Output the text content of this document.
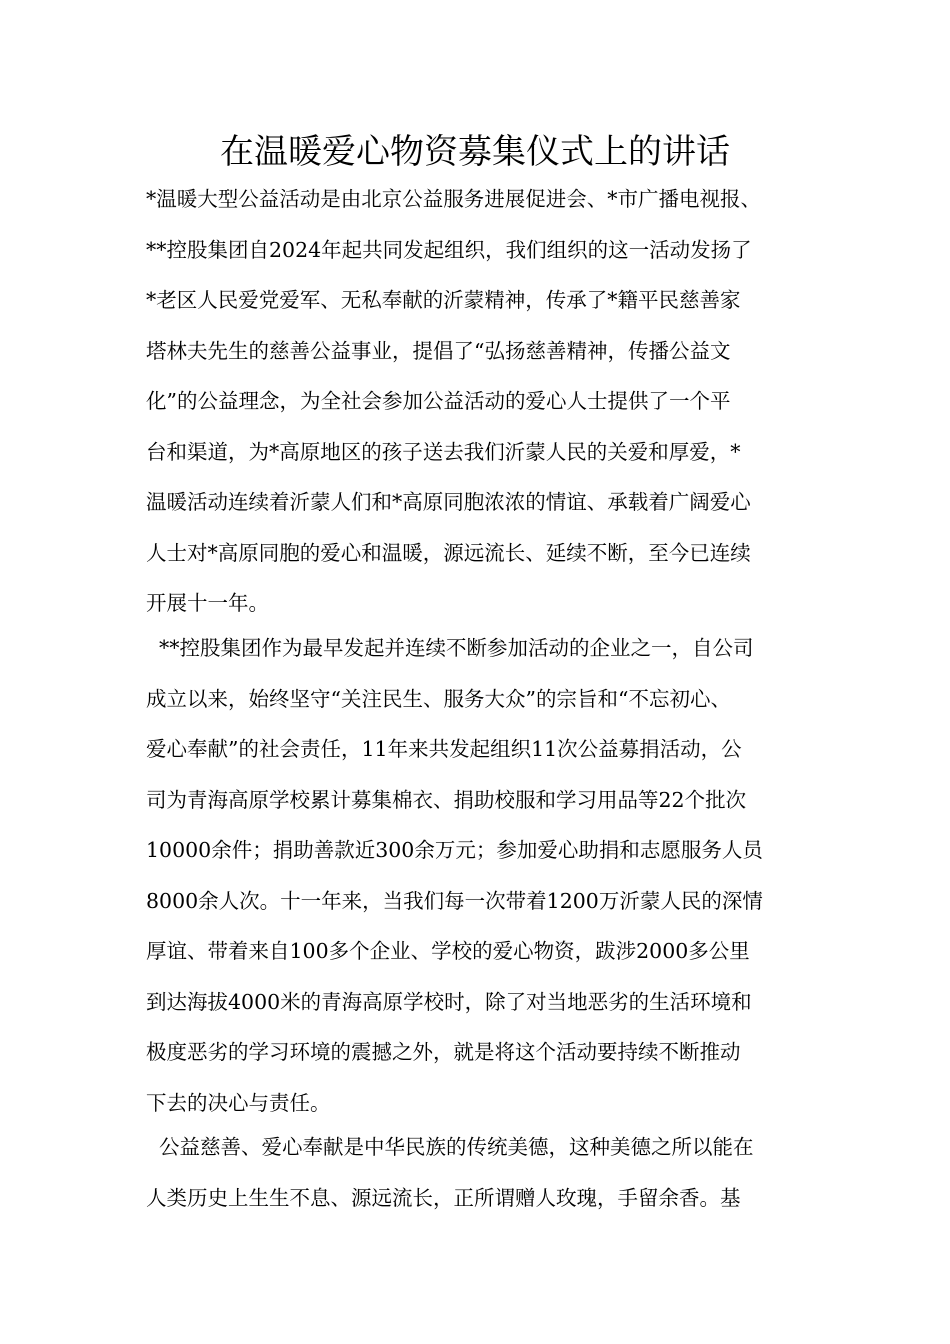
在温暖爱心物资募集仪式上的讲话
*温暖大型公益活动是由北京公益服务进展促进会、*市广播电视报、
**控股集团自2024年起共同发起组织，我们组织的这一活动发扬了
*老区人民爱党爱军、无私奉献的沂蒙精神，传承了*籍平民慈善家
塔林夫先生的慈善公益事业，提倡了“弘扬慈善精神，传播公益文
化”的公益理念，为全社会参加公益活动的爱心人士提供了一个平
台和渠道，为*高原地区的孩子送去我们沂蒙人民的关爱和厚爱，*
温暖活动连续着沂蒙人们和*高原同胞浓浓的情谊、承载着广阔爱心
人士对*高原同胞的爱心和温暖，源远流长、延续不断，至今已连续
开展十一年。
**控股集团作为最早发起并连续不断参加活动的企业之一，自公司
成立以来，始终坚守“关注民生、服务大众”的宗旨和“不忘初心、
爱心奉献”的社会责任，11年来共发起组织11次公益募捐活动，公
司为青海高原学校累计募集棉衣、捐助校服和学习用品等22个批次
10000余件；捐助善款近300余万元；参加爱心助捐和志愿服务人员
8000余人次。十一年来，当我们每一次带着1200万沂蒙人民的深情
厚谊、带着来自100多个企业、学校的爱心物资，跋涉2000多公里
到达海拔4000米的青海高原学校时，除了对当地恶劣的生活环境和
极度恶劣的学习环境的震撼之外，就是将这个活动要持续不断推动
下去的决心与责任。
公益慈善、爱心奉献是中华民族的传统美德，这种美德之所以能在
人类历史上生生不息、源远流长，正所谓赠人玫瑰，手留余香。基
